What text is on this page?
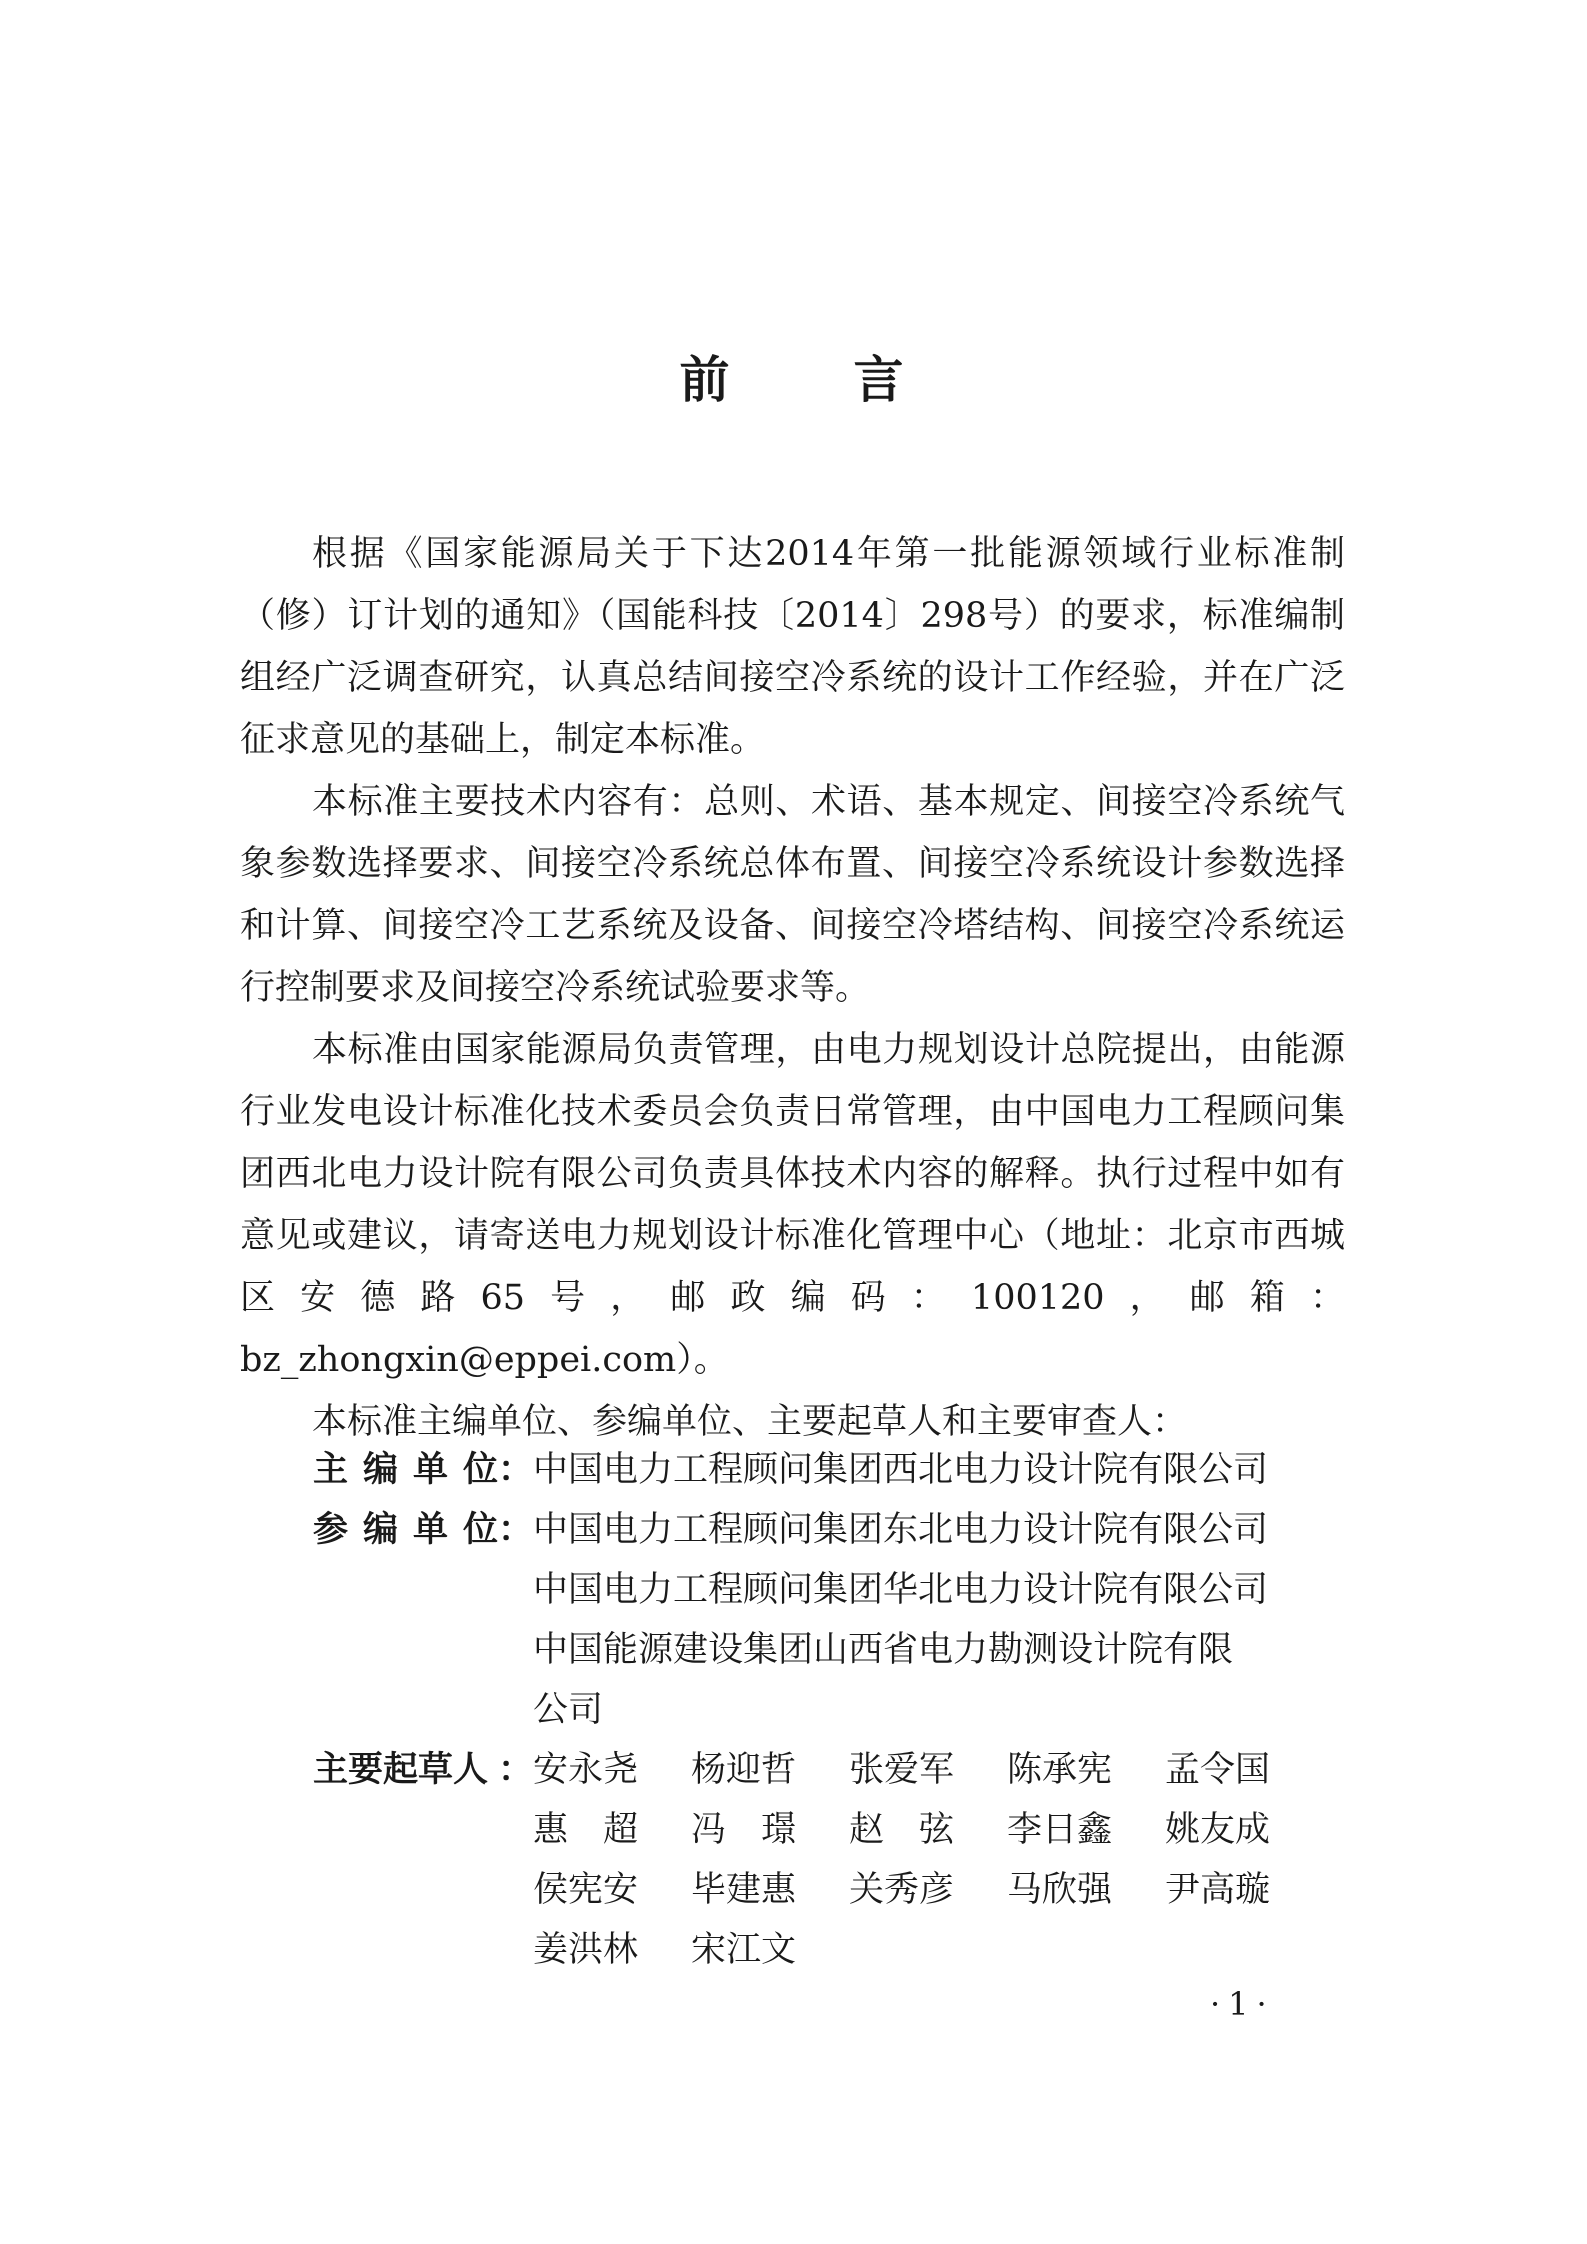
前 言

根据《国家能源局关于下达2014年第一批能源领域行业标准制（修）订计划的通知》（国能科技〔2014〕298号）的要求，标准编制组经广泛调查研究，认真总结间接空冷系统的设计工作经验，并在广泛征求意见的基础上，制定本标准。

本标准主要技术内容有：总则、术语、基本规定、间接空冷系统气象参数选择要求、间接空冷系统总体布置、间接空冷系统设计参数选择和计算、间接空冷工艺系统及设备、间接空冷塔结构、间接空冷系统运行控制要求及间接空冷系统试验要求等。

本标准由国家能源局负责管理，由电力规划设计总院提出，由能源行业发电设计标准化技术委员会负责日常管理，由中国电力工程顾问集团西北电力设计院有限公司负责具体技术内容的解释。执行过程中如有意见或建议，请寄送电力规划设计标准化管理中心（地址：北京市西城区安德路65号，邮政编码：100120，邮箱：bz_zhongxin@eppei.com）。

本标准主编单位、参编单位、主要起草人和主要审查人：

主 编 单 位 ： 中国电力工程顾问集团西北电力设计院有限公司
参 编 单 位 ： 中国电力工程顾问集团东北电力设计院有限公司
中国电力工程顾问集团华北电力设计院有限公司
中国能源建设集团山西省电力勘测设计院有限
公司
主要起草人 ： 安永尧	杨迎哲	张爱军	陈承宪	孟令国
惠　超	冯　璟	赵　弦	李日鑫	姚友成
侯宪安	毕建惠	关秀彦	马欣强	尹高璇
姜洪林	宋江文
·1·
